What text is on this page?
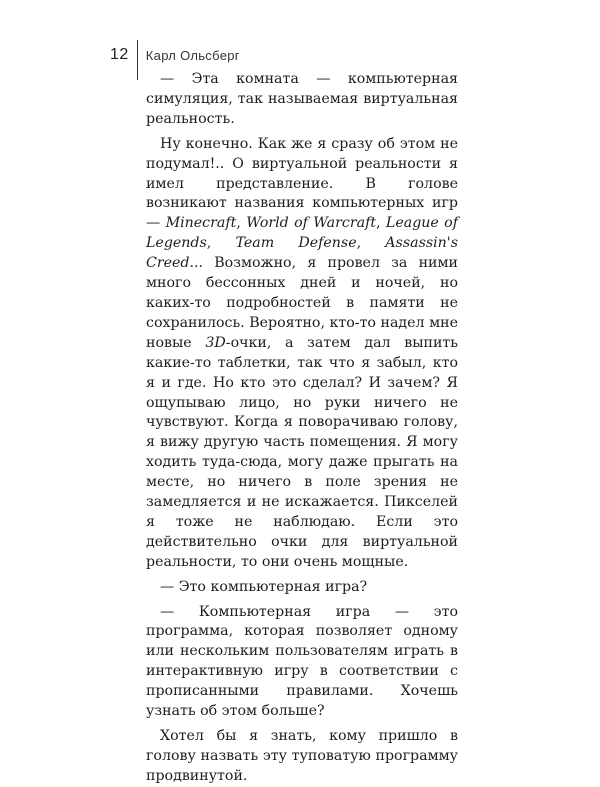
12 Карл Ольсберг

— Эта комната — компьютерная симуляция, так называемая виртуальная реальность.

Ну конечно. Как же я сразу об этом не подумал!.. О виртуальной реальности я имел представление. В голове возникают названия компьютерных игр — Minecraft, World of Warcraft, League of Legends, Team Defense, Assassin's Creed... Возможно, я провел за ними много бессонных дней и ночей, но каких-то подробностей в памяти не сохранилось. Вероятно, кто-то надел мне новые 3D-очки, а затем дал выпить какие-то таблетки, так что я забыл, кто я и где. Но кто это сделал? И зачем? Я ощупываю лицо, но руки ничего не чувствуют. Когда я поворачиваю голову, я вижу другую часть помещения. Я могу ходить туда-сюда, могу даже прыгать на месте, но ничего в поле зрения не замедляется и не искажается. Пикселей я тоже не наблюдаю. Если это действительно очки для виртуальной реальности, то они очень мощные.

— Это компьютерная игра?

— Компьютерная игра — это программа, которая позволяет одному или нескольким пользователям играть в интерактивную игру в соответствии с прописанными правилами. Хочешь узнать об этом больше?

Хотел бы я знать, кому пришло в голову назвать эту туповатую программу продвинутой.
